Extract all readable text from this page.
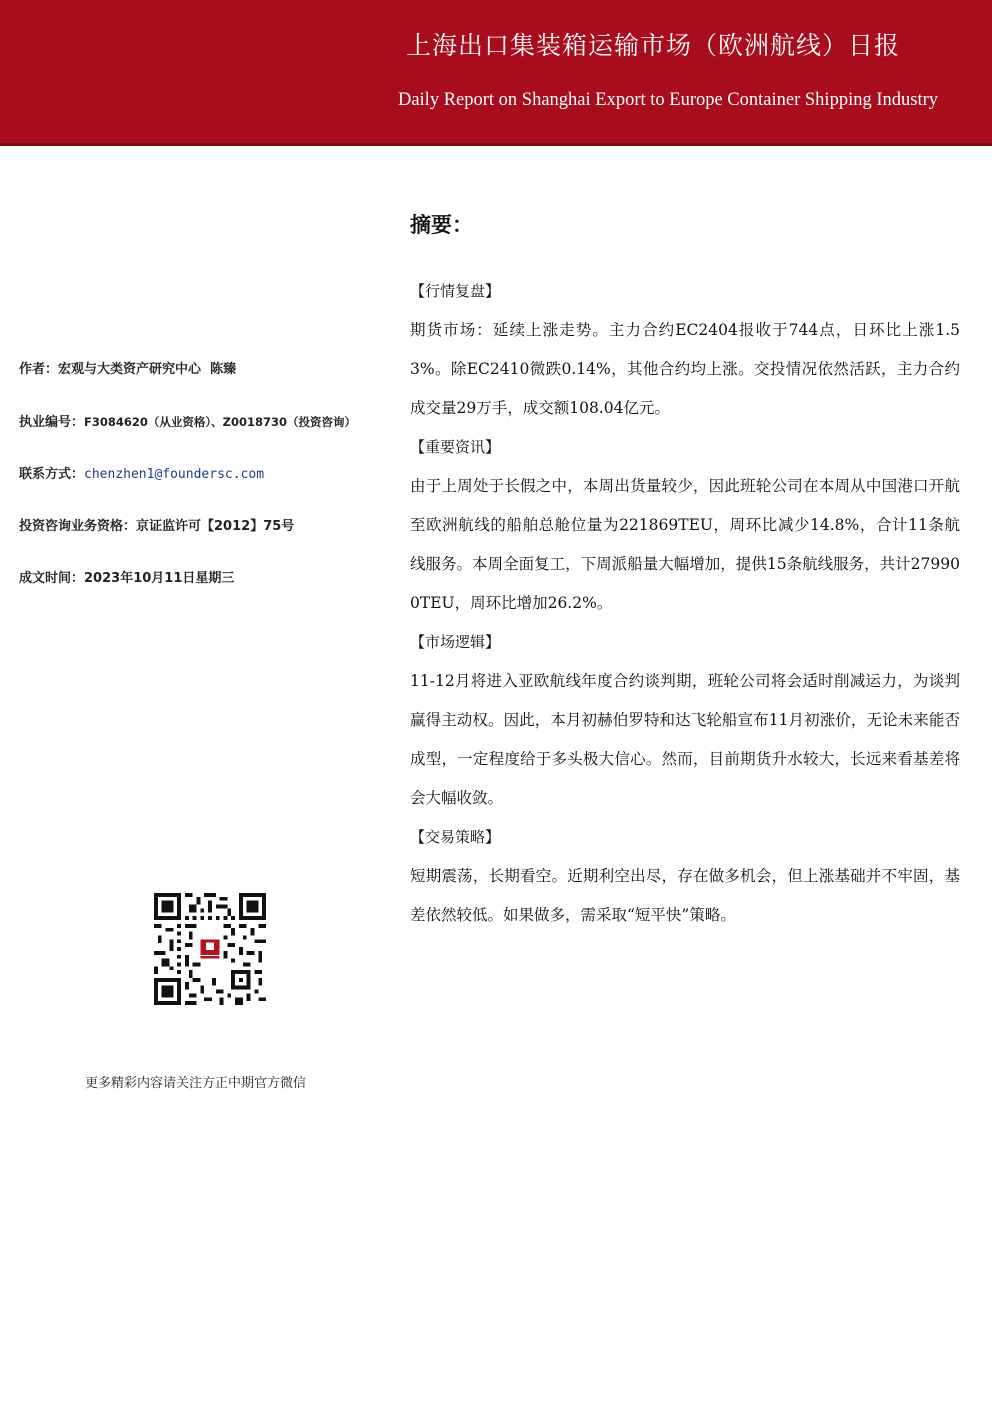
上海出口集装箱运输市场（欧洲航线）日报
Daily Report on Shanghai Export to Europe Container Shipping Industry
作者：宏观与大类资产研究中心  陈臻
执业编号：F3084620（从业资格）、Z0018730（投资咨询）
联系方式：chenzhen1@foundersc.com
投资咨询业务资格：京证监许可【2012】75号
成文时间：2023年10月11日星期三
更多精彩内容请关注方正中期官方微信
摘要：
【行情复盘】

期货市场：延续上涨走势。主力合约EC2404报收于744点，日环比上涨1.53%。除EC2410微跌0.14%，其他合约均上涨。交投情况依然活跃，主力合约成交量29万手，成交额108.04亿元。

【重要资讯】

由于上周处于长假之中，本周出货量较少，因此班轮公司在本周从中国港口开航至欧洲航线的船舶总舱位量为221869TEU，周环比减少14.8%，合计11条航线服务。本周全面复工，下周派船量大幅增加，提供15条航线服务，共计279900TEU，周环比增加26.2%。

【市场逻辑】

11-12月将进入亚欧航线年度合约谈判期，班轮公司将会适时削减运力，为谈判赢得主动权。因此，本月初赫伯罗特和达飞轮船宣布11月初涨价，无论未来能否成型，一定程度给于多头极大信心。然而，目前期货升水较大，长远来看基差将会大幅收敛。

【交易策略】

短期震荡，长期看空。近期利空出尽，存在做多机会，但上涨基础并不牢固，基差依然较低。如果做多，需采取“短平快”策略。
